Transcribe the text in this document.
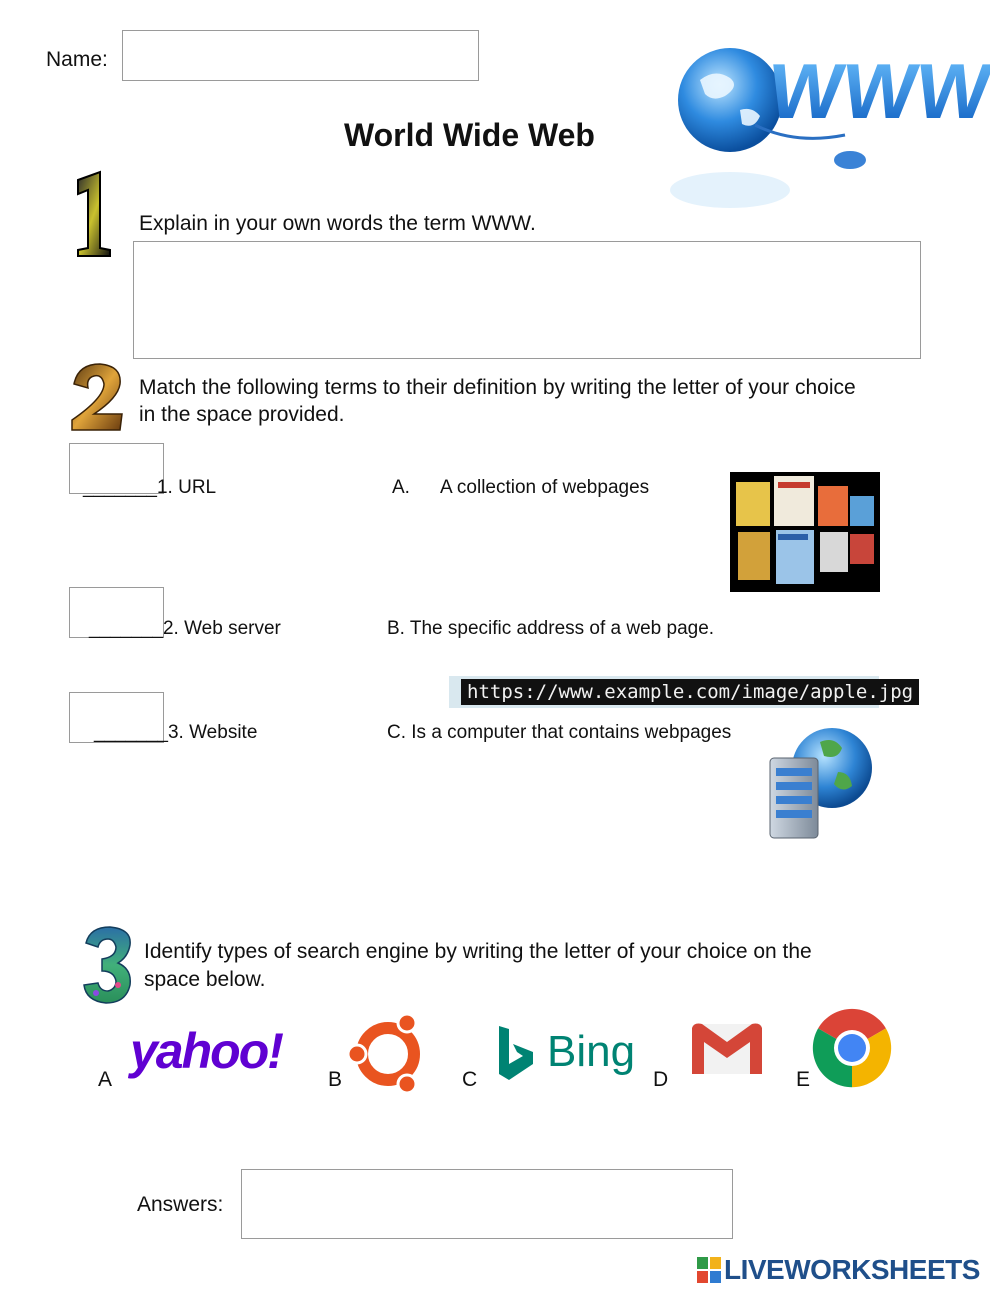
Name:
World Wide Web
WWW
Explain in your own words the term WWW.
Match the following terms to their definition by writing the letter of your choice
in the space provided.
_______1. URL	A. A collection of webpages
_______2. Web server	B. The specific address of a web page.
https://www.example.com/image/apple.jpg
_______3. Website	C. Is a computer that contains webpages
Identify types of search engine by writing the letter of your choice on the
space below.
A
yahoo!
B	C
Bing
D	E
Answers:
LIVEWORKSHEETS
